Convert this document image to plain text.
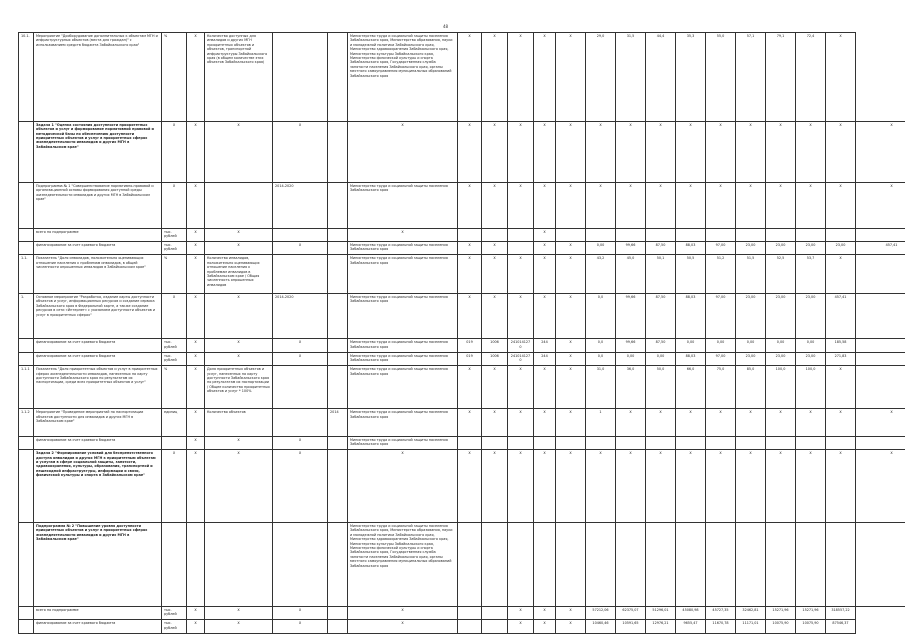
48
10.1.	Мероприятие "Дооборудование дополнительных к объектам МГН и инфраструктурных объектов (места для граждан)" с использованием средств бюджета Забайкальского края"	%	X	Количество доступных для инвалидов и других МГН приоритетных объектов и объектов, транспортной инфраструктуры Забайкальского края (в общем количестве этих объектов Забайкальского края)			Министерство труда и социальной защиты населения Забайкальского края, Министерство образования, науки и молодежной политики Забайкальского края, Министерство здравоохранения Забайкальского края, Министерство культуры Забайкальского края, Министерство физической культуры и спорта Забайкальского края, Государственная служба занятости населения Забайкальского края, органы местного самоуправления муниципальных образований Забайкальского края	X	X	X	X	X	29,0	31,5	44,4	35,3	55,0	57,1	79,1	72,4	X	
	Задача 1 "Оценка состояния доступности приоритетных объектов и услуг и формирование нормативной правовой и методической базы по обеспечению доступности приоритетных объектов и услуг в приоритетных сферах жизнедеятельности инвалидов и других МГН в Забайкальском крае"	X	X	X	X		X	X	X	X	X	X	X	X	X	X	X	X	X	X	X	X
	Подпрограмма № 1 "Совершенствование нормативно-правовой и организационной основы формирования доступной среды жизнедеятельности инвалидов и других МГН в Забайкальском крае"	X	X		2014-2020		Министерство труда и социальной защиты населения Забайкальского края	X	X	X	X	X	X	X	X	X	X	X	X	X	X	X
	всего по подпрограмме	тыс. рублей	X	X			X				X											
	финансирование за счет краевого бюджета	тыс. рублей	X	X	X		Министерство труда и социальной защиты населения Забайкальского края	X	X		X	X	0,00	99,66	87,50	88,03	97,00	23,00	23,00	23,00	23,00	457,41
1.1.	Показатель "Доля инвалидов, положительно оценивающих отношение населения к проблемам инвалидов, в общей численности опрошенных инвалидов в Забайкальском крае"	%	X	Количество инвалидов, положительно оценивающих отношение населения к проблемам инвалидов в Забайкальском крае / Общая численность опрошенных инвалидов			Министерство труда и социальной защиты населения Забайкальского края	X	X	X	X	X	43,2	45,0	50,1	50,5	51,2	51,5	52,5	53,7	X	
1.	Основное мероприятие "Разработка, издание карты доступности объектов и услуг, информационных ресурсов и создание сервиса Забайкальского края в Федеральной карте, а также создание ресурсов в сети «Интернет» с указанием доступности объектов и услуг в приоритетных сферах"	X	X	X	2014-2020		Министерство труда и социальной защиты населения Забайкальского края	X	X	X	X	X	0,0	99,66	87,50	88,03	97,00	23,00	23,00	23,00	457,41	
	финансирование за счет краевого бюджета	тыс. рублей	X	X	X		Министерство труда и социальной защиты населения Забайкальского края	019	1006	2410141270	244	X	0,0	99,66	87,50	0,00	0,00	0,00	0,00	0,00	185,58	
	финансирование за счет краевого бюджета	тыс. рублей	X	X	X		Министерство труда и социальной защиты населения Забайкальского края	019	1006	2410141270	244	X	0,0	0,00	0,00	88,03	97,00	23,00	23,00	23,00	271,83	
1.1.1	Показатель "Доля приоритетных объектов и услуг в приоритетных сферах жизнедеятельности инвалидов, нанесенных на карту доступности Забайкальского края по результатам их паспортизации, среди всех приоритетных объектов и услуг"	%	X	Доля приоритетных объектов и услуг, нанесенных на карту доступности Забайкальского края по результатам их паспортизации / Общее количество приоритетных объектов и услуг * 100%			Министерство труда и социальной защиты населения Забайкальского края	X	X	X	X	X	31,0	36,0	50,0	66,0	75,0	85,0	100,0	100,0	X	
1.1.2	Мероприятие "Проведение мероприятий по паспортизации объектов доступности для инвалидов и других МГН в Забайкальском крае"	единиц	X	Количество объектов		2014	Министерство труда и социальной защиты населения Забайкальского края	X	X	X	X	X	1	X	X	X	X	X	X	X	X	X
	финансирование за счет краевого бюджета		X	X	X		Министерство труда и социальной защиты населения Забайкальского края															
	Задача 2 "Формирование условий для беспрепятственного доступа инвалидов и других МГН к приоритетным объектам и услугам в сфере социальной защиты, занятости, здравоохранения, культуры, образования, транспортной и пешеходной инфраструктуры, информации и связи, физической культуры и спорта в Забайкальском крае"	X	X	X	X		X	X	X	X	X	X	X	X	X	X	X	X	X	X	X	X
	Подпрограмма № 2 "Повышение уровня доступности приоритетных объектов и услуг в приоритетных сферах жизнедеятельности инвалидов и других МГН в Забайкальском крае"						Министерство труда и социальной защиты населения Забайкальского края, Министерство образования, науки и молодежной политики Забайкальского края, Министерство здравоохранения Забайкальского края, Министерство культуры Забайкальского края, Министерство физической культуры и спорта Забайкальского края, Государственная служба занятости населения Забайкальского края, органы местного самоуправления муниципальных образований Забайкальского края															
	всего по подпрограмме	тыс. рублей	X	X	X		X			X	X	X	57212,06	62375,07	51296,01	45080,98	45727,35	32462,81	15271,96	15271,96	318557,22	
	финансирование за счет краевого бюджета	тыс. рублей	X	X	X		X			X	X	X	10460,46	10591,65	12976,21	9655,47	11670,78	11171,01	10075,90	10075,90	87546,37	
